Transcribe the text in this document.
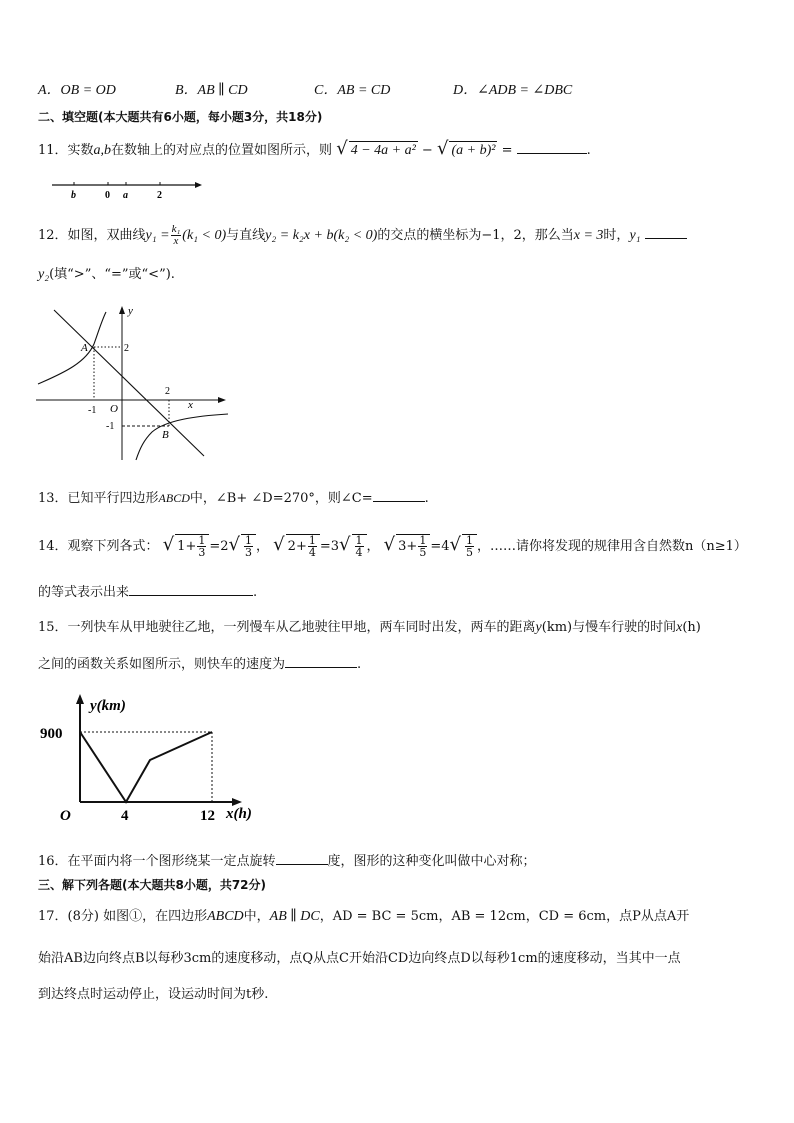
A．OB = OD	B．AB ∥ CD	C．AB = CD	D．∠ADB = ∠DBC
二、填空题(本大题共有6小题，每小题3分，共18分)
11．实数a,b在数轴上的对应点的位置如图所示，则 √ 4 − 4a + a² − √ (a + b)² =	.
b	0 a	2
12．如图，双曲线$y_1 = \frac{\text{k₁}}{x} (k_1 < 0)$与直线y₂ = k₂x + b(k₂ < 0)的交点的横坐标为−1，2，那么当x = 3时，y₁
y₂(填“>”、“=”或“<”).
x
y
A
B
O
2
2
-1
-1
13．已知平行四边形ABCD中，∠B+ ∠D=270°，则∠C=	.
14．观察下列各式： √ $1+ \frac{1}{3} =2√ \frac{1}{3}$ ， √ $2+ \frac{1}{4} =3√ \frac{1}{4}$ ， √ $3+ \frac{1}{5} =4√ \frac{1}{5}$ ，……请你将发现的规律用含自然数n（n≥1）
的等式表示出来	.
15．一列快车从甲地驶往乙地，一列慢车从乙地驶往甲地，两车同时出发，两车的距离y(km)与慢车行驶的时间x(h)
之间的函数关系如图所示，则快车的速度为	.
y(km)
x(h)
900
O	4	12
16．在平面内将一个图形绕某一定点旋转	度，图形的这种变化叫做中心对称；
三、解下列各题(本大题共8小题，共72分)
17．(8分) 如图①，在四边形ABCD中，AB ∥ DC，AD = BC = 5cm，AB = 12cm，CD = 6cm，点P从点A开
始沿AB边向终点B以每秒3cm的速度移动，点Q从点C开始沿CD边向终点D以每秒1cm的速度移动，当其中一点
到达终点时运动停止，设运动时间为t秒.
